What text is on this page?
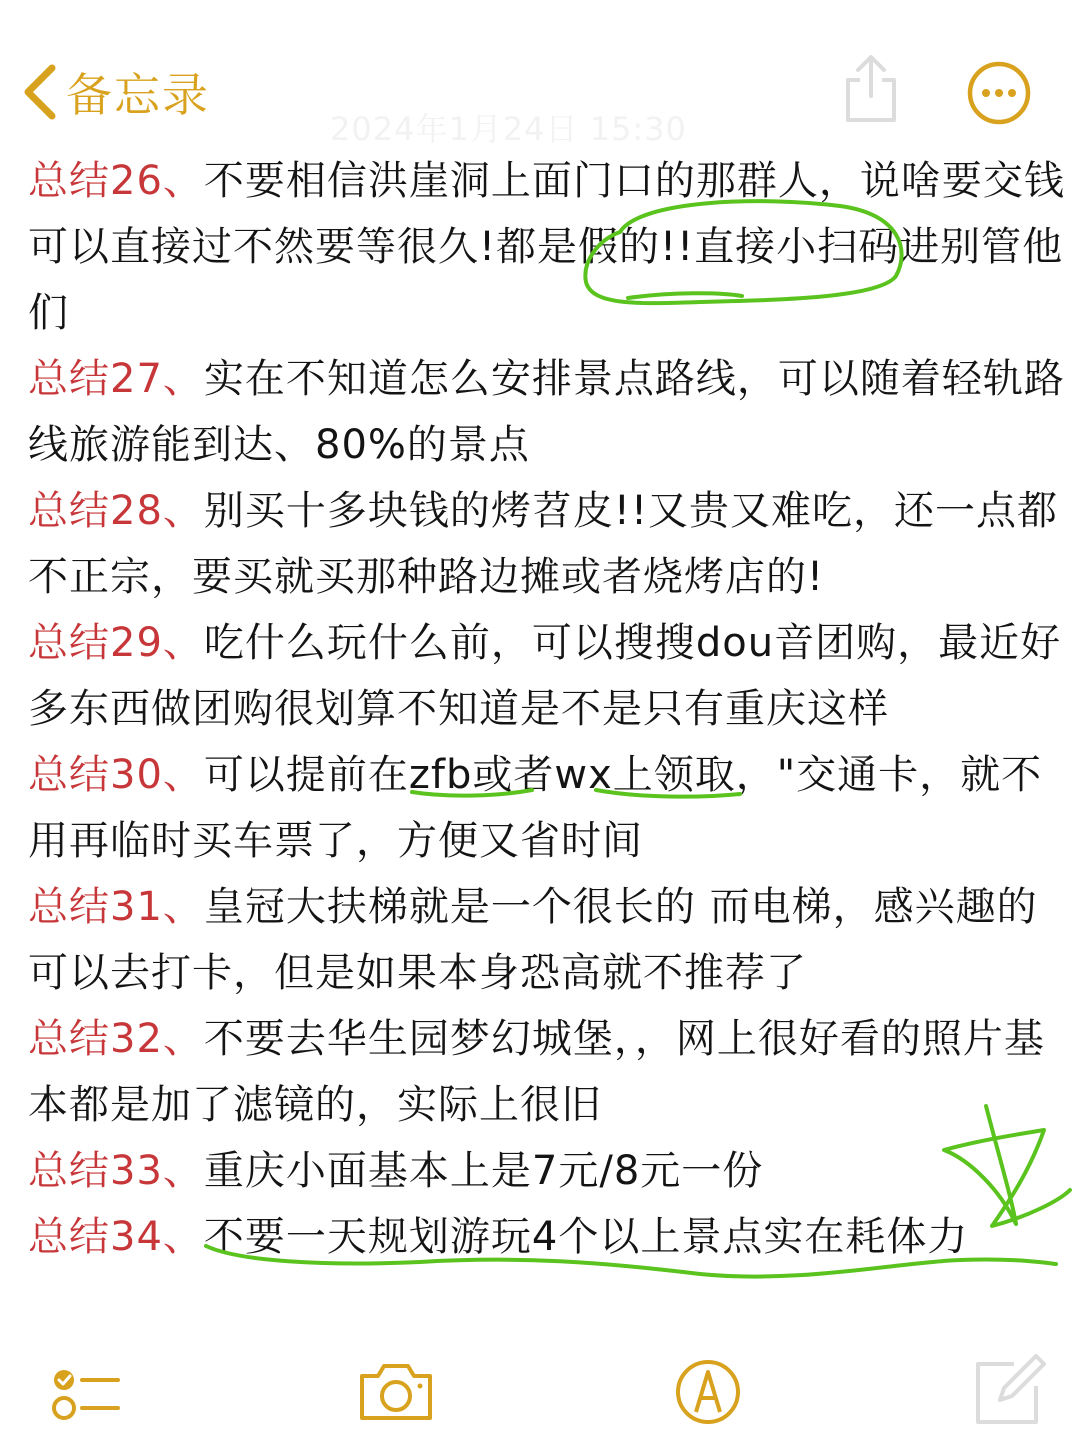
备忘录
2024年1月24日 15:30

总结26、不要相信洪崖洞上面门口的那群人，说啥要交钱可以直接过不然要等很久!都是假的!!直接小扫码进别管他们

总结27、实在不知道怎么安排景点路线，可以随着轻轨路线旅游能到达、80%的景点

总结28、别买十多块钱的烤苕皮!!又贵又难吃，还一点都不正宗，要买就买那种路边摊或者烧烤店的!

总结29、吃什么玩什么前，可以搜搜dou音团购，最近好多东西做团购很划算不知道是不是只有重庆这样

总结30、可以提前在zfb或者wx上领取，"交通卡，就不用再临时买车票了，方便又省时间

总结31、皇冠大扶梯就是一个很长的 而电梯，感兴趣的可以去打卡，但是如果本身恐高就不推荐了

总结32、不要去华生园梦幻城堡，，网上很好看的照片基本都是加了滤镜的，实际上很旧

总结33、重庆小面基本上是7元/8元一份

总结34、不要一天规划游玩4个以上景点实在耗体力
